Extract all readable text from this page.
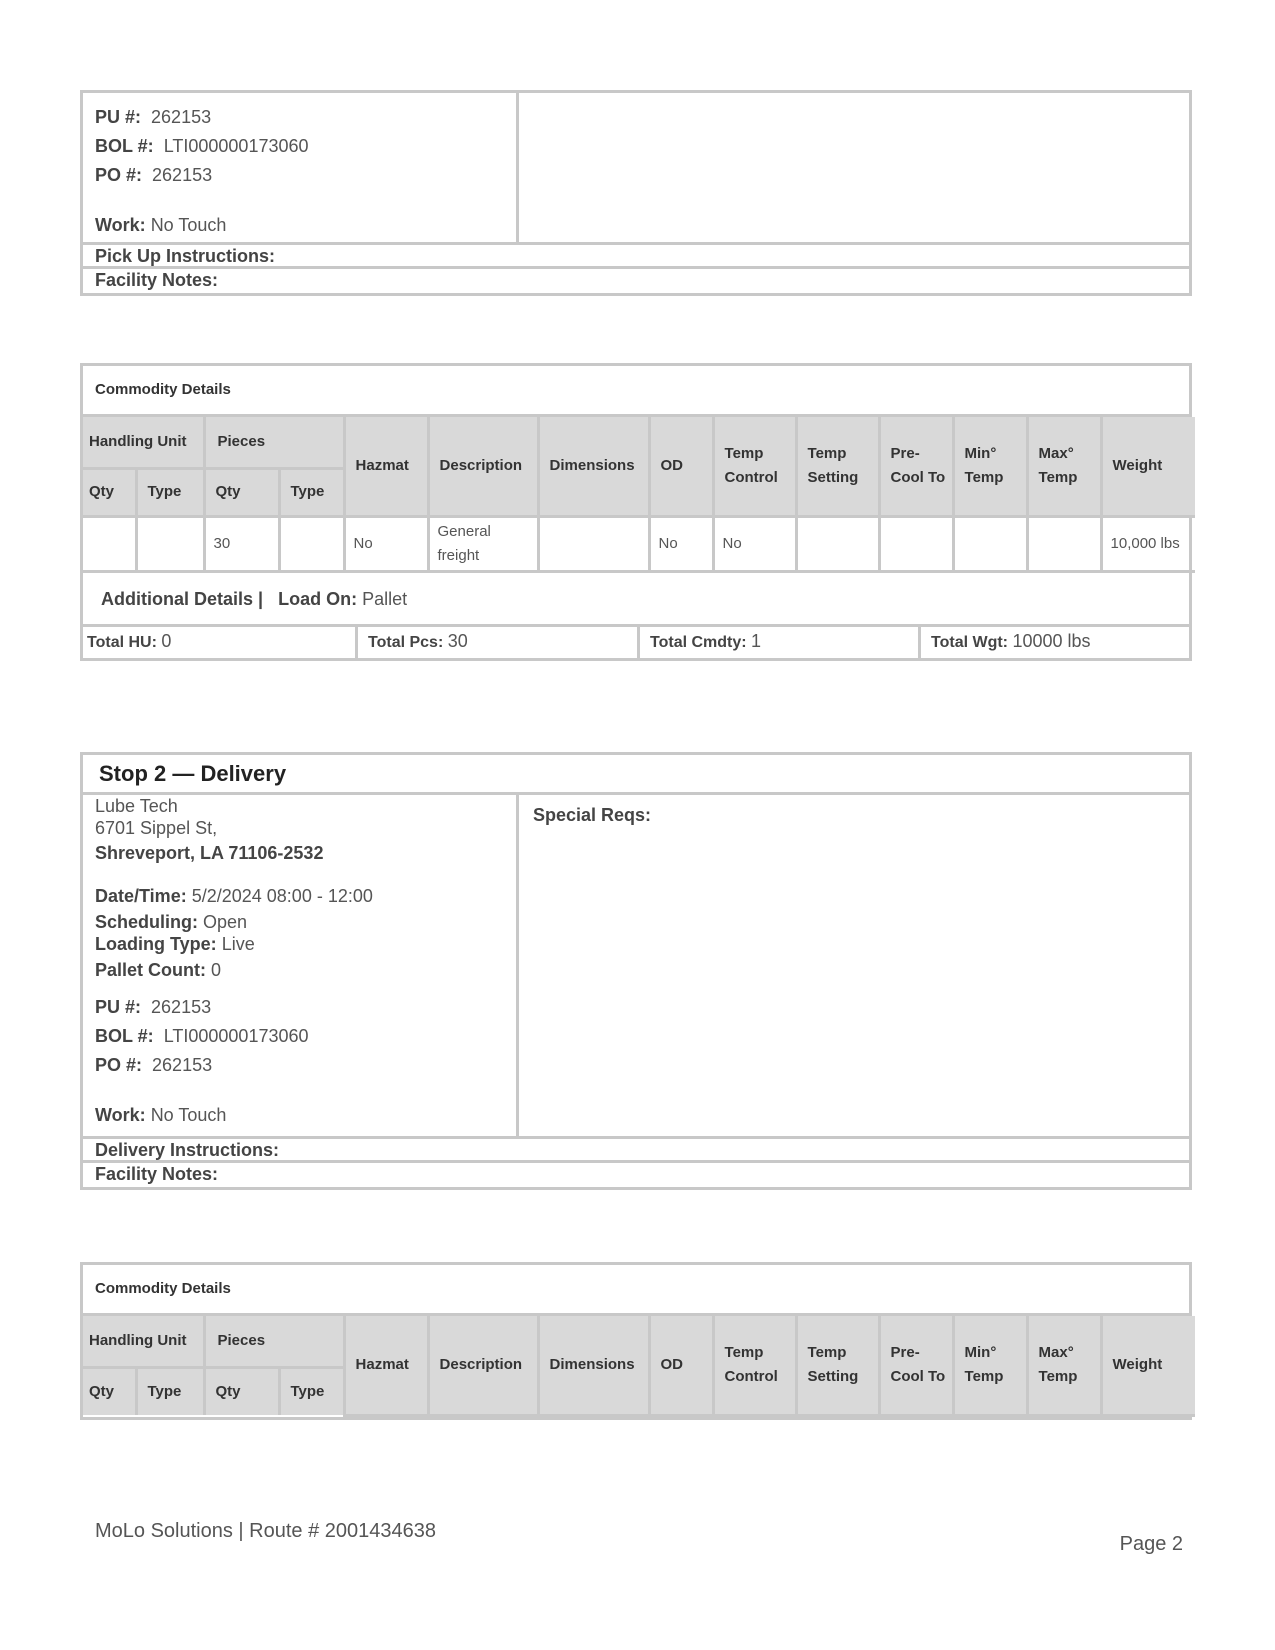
PU #: 262153
BOL #: LTI000000173060
PO #: 262153
Work: No Touch
Pick Up Instructions:
Facility Notes:
Commodity Details
Handling Unit		Pieces		Hazmat	Description	Dimensions	OD	Temp Control	Temp Setting	Pre-Cool To	Min° Temp	Max° Temp	Weight
Qty	Type	Qty	Type										
		30		No	General freight		No	No					10,000 lbs
Additional Details | Load On: Pallet
Total HU: 0	Total Pcs: 30	Total Cmdty: 1	Total Wgt: 10000 lbs
Stop 2 — Delivery
Lube Tech
6701 Sippel St,
Shreveport, LA 71106-2532
Date/Time: 5/2/2024 08:00 - 12:00
Scheduling: Open
Loading Type: Live
Pallet Count: 0
PU #: 262153
BOL #: LTI000000173060
PO #: 262153
Work: No Touch
Special Reqs:
Delivery Instructions:
Facility Notes:
Commodity Details
Handling Unit		Pieces		Hazmat	Description	Dimensions	OD	Temp Control	Temp Setting	Pre-Cool To	Min° Temp	Max° Temp	Weight
Qty	Type	Qty	Type										
MoLo Solutions | Route # 2001434638
Page 2
